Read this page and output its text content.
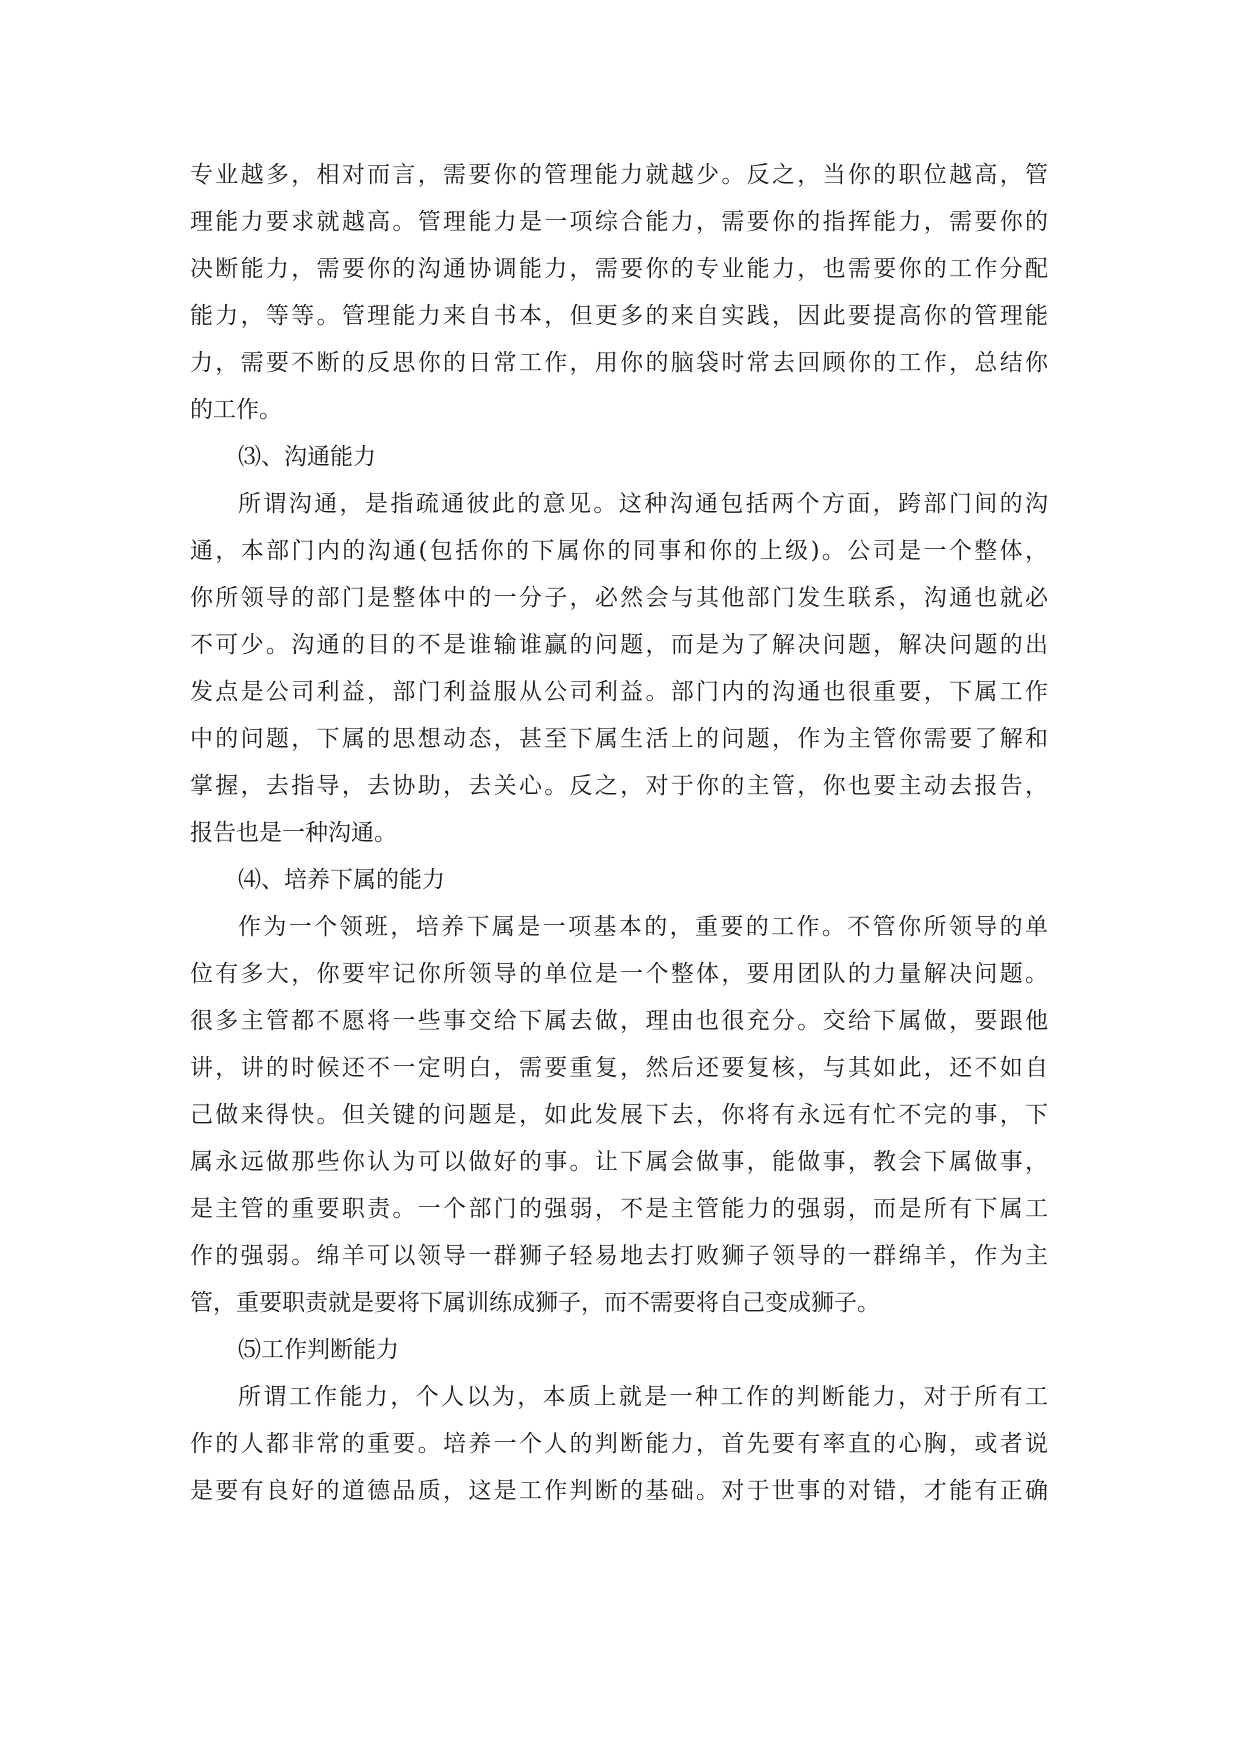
专业越多，相对而言，需要你的管理能力就越少。反之，当你的职位越高，管
理能力要求就越高。管理能力是一项综合能力，需要你的指挥能力，需要你的
决断能力，需要你的沟通协调能力，需要你的专业能力，也需要你的工作分配
能力，等等。管理能力来自书本，但更多的来自实践，因此要提高你的管理能
力，需要不断的反思你的日常工作，用你的脑袋时常去回顾你的工作，总结你
的工作。
⑶、沟通能力
所谓沟通，是指疏通彼此的意见。这种沟通包括两个方面，跨部门间的沟
通，本部门内的沟通(包括你的下属你的同事和你的上级)。公司是一个整体，
你所领导的部门是整体中的一分子，必然会与其他部门发生联系，沟通也就必
不可少。沟通的目的不是谁输谁赢的问题，而是为了解决问题，解决问题的出
发点是公司利益，部门利益服从公司利益。部门内的沟通也很重要，下属工作
中的问题，下属的思想动态，甚至下属生活上的问题，作为主管你需要了解和
掌握，去指导，去协助，去关心。反之，对于你的主管，你也要主动去报告，
报告也是一种沟通。
⑷、培养下属的能力
作为一个领班，培养下属是一项基本的，重要的工作。不管你所领导的单
位有多大，你要牢记你所领导的单位是一个整体，要用团队的力量解决问题。
很多主管都不愿将一些事交给下属去做，理由也很充分。交给下属做，要跟他
讲，讲的时候还不一定明白，需要重复，然后还要复核，与其如此，还不如自
己做来得快。但关键的问题是，如此发展下去，你将有永远有忙不完的事，下
属永远做那些你认为可以做好的事。让下属会做事，能做事，教会下属做事，
是主管的重要职责。一个部门的强弱，不是主管能力的强弱，而是所有下属工
作的强弱。绵羊可以领导一群狮子轻易地去打败狮子领导的一群绵羊，作为主
管，重要职责就是要将下属训练成狮子，而不需要将自己变成狮子。
⑸工作判断能力
所谓工作能力，个人以为，本质上就是一种工作的判断能力，对于所有工
作的人都非常的重要。培养一个人的判断能力，首先要有率直的心胸，或者说
是要有良好的道德品质，这是工作判断的基础。对于世事的对错，才能有正确
